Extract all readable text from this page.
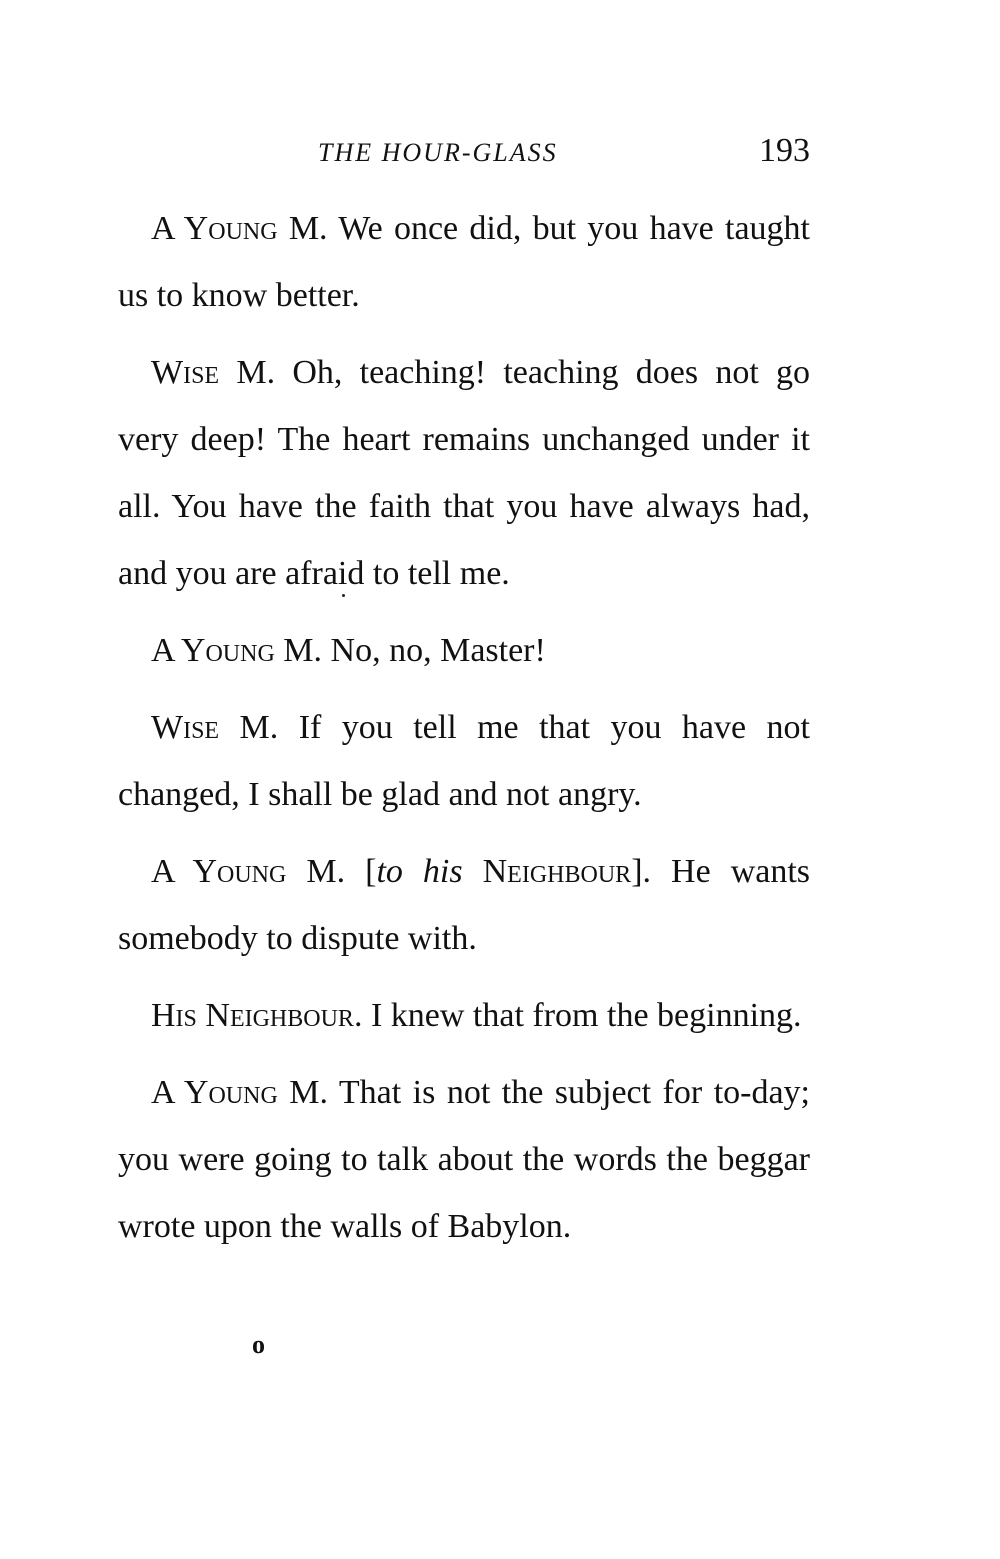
THE HOUR-GLASS	193

A Young M. We once did, but you have taught us to know better.

Wise M. Oh, teaching! teaching does not go very deep! The heart remains unchanged under it all. You have the faith that you have always had, and you are afraid to tell me.

A Young M. No, no, Master!

Wise M. If you tell me that you have not changed, I shall be glad and not angry.

A Young M. [to his Neighbour]. He wants somebody to dispute with.

His Neighbour. I knew that from the beginning.

A Young M. That is not the subject for to-day; you were going to talk about the words the beggar wrote upon the walls of Babylon.

o
